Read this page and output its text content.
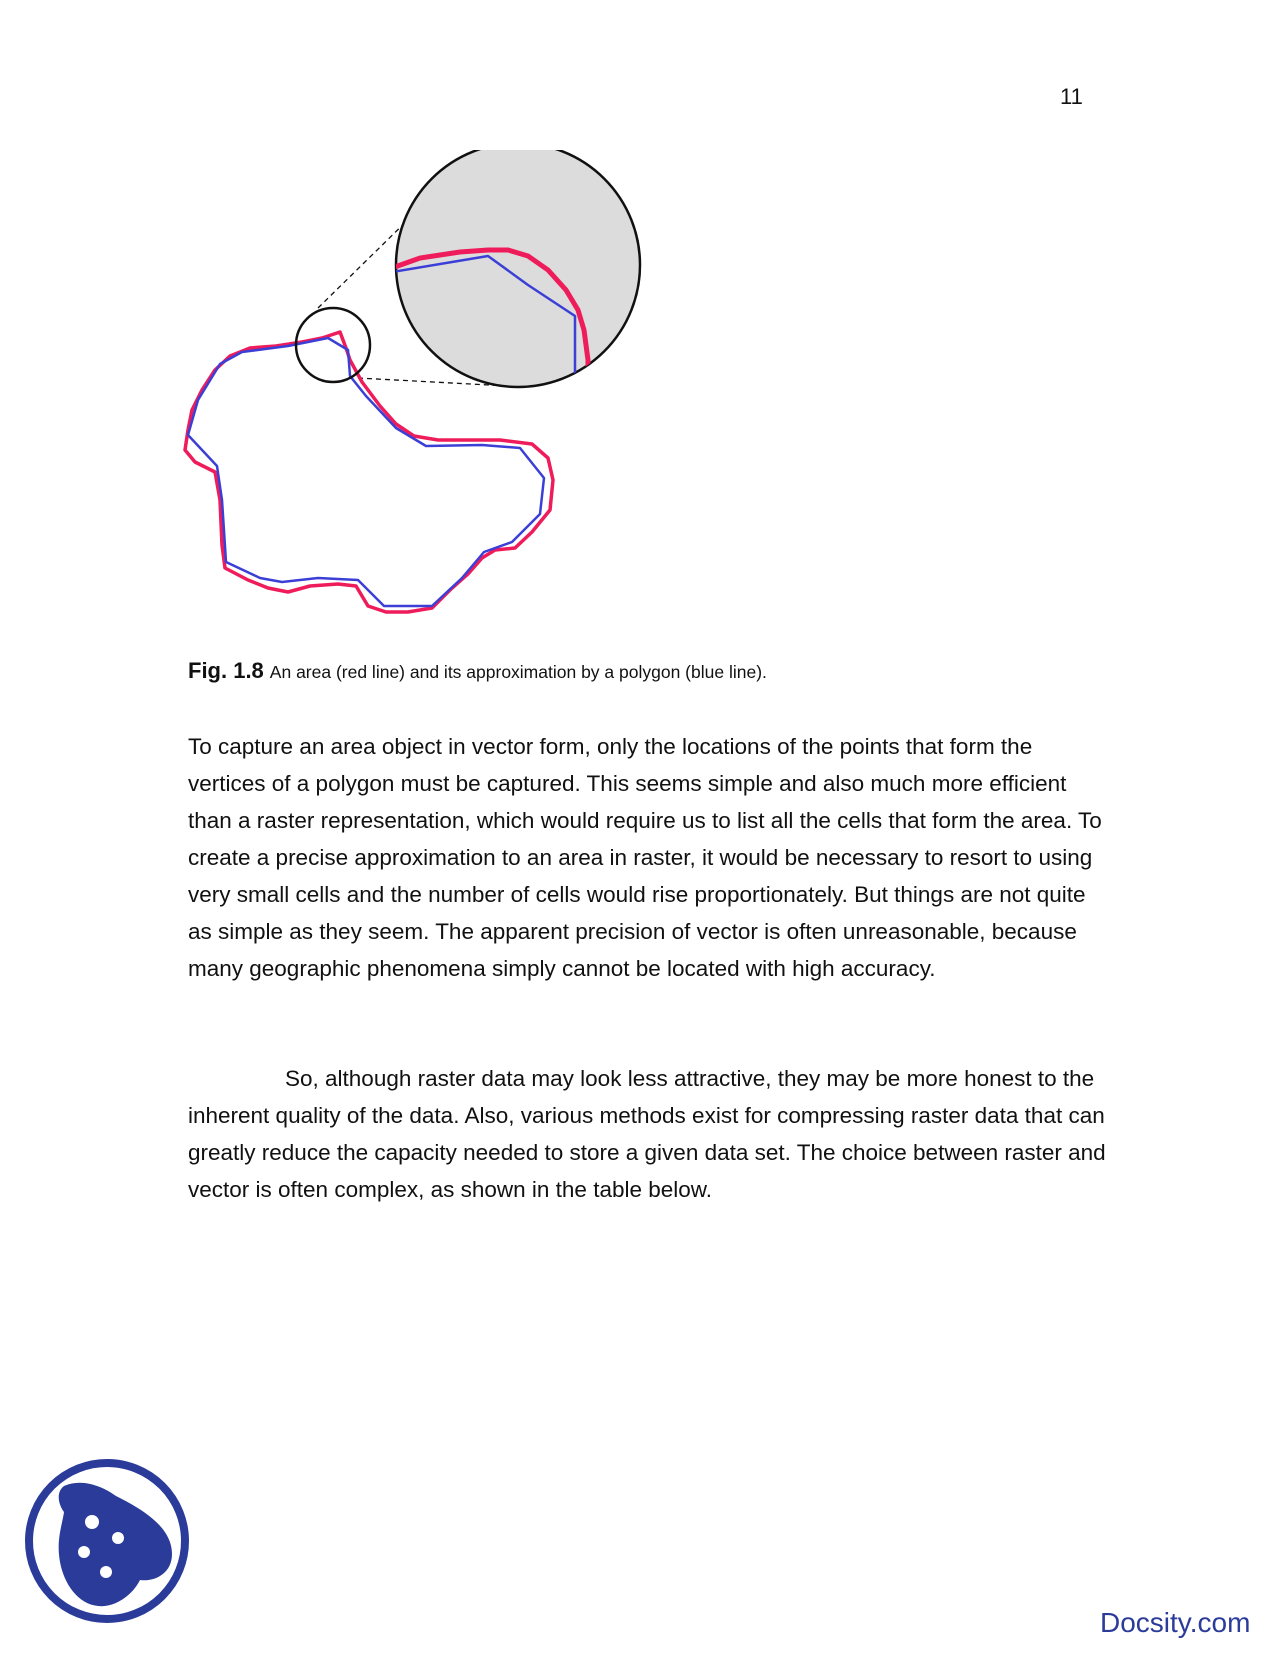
11
Fig. 1.8 An area (red line) and its approximation by a polygon (blue line).

To capture an area object in vector form, only the locations of the points that form the vertices of a polygon must be captured. This seems simple and also much more efficient than a raster representation, which would require us to list all the cells that form the area. To create a precise approximation to an area in raster, it would be necessary to resort to using very small cells and the number of cells would rise proportionately. But things are not quite as simple as they seem. The apparent precision of vector is often unreasonable, because many geographic phenomena simply cannot be located with high accuracy.

So, although raster data may look less attractive, they may be more honest to the inherent quality of the data. Also, various methods exist for compressing raster data that can greatly reduce the capacity needed to store a given data set. The choice between raster and vector is often complex, as shown in the table below.

Docsity.com
